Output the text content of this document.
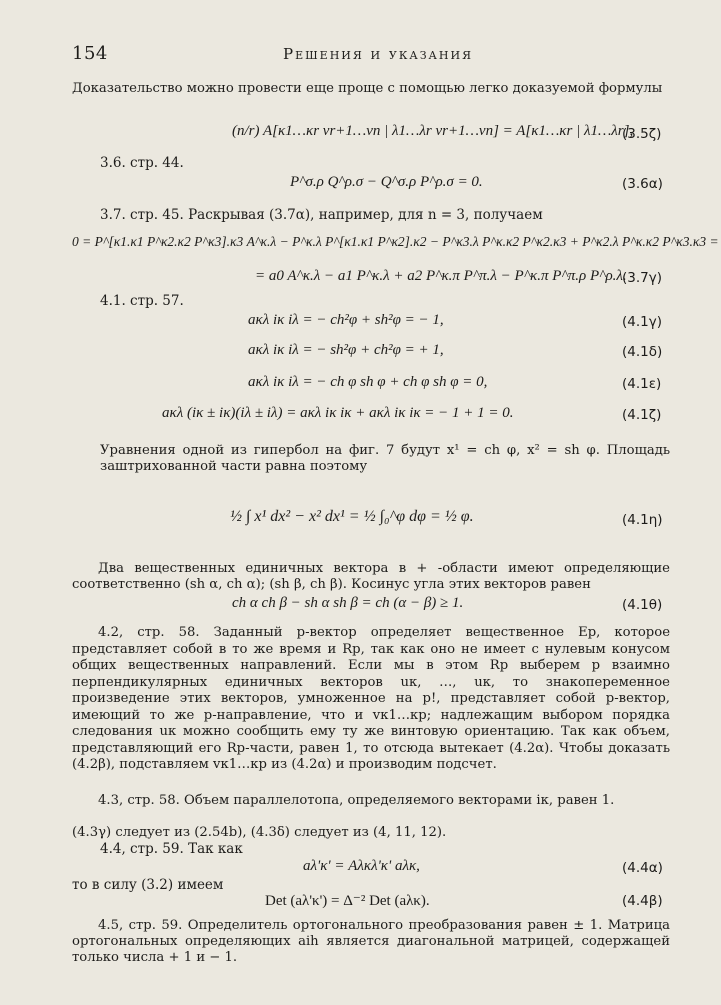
154	Решения и указания
Доказательство можно провести еще проще с помощью легко доказуемой формулы
(n/r) A[κ1…κr νr+1…νn | λ1…λr νr+1…νn] = A[κ1…κr | λ1…λr],
(3.5ζ)
3.6. стр. 44.
P^σ.ρ Q^ρ.σ − Q^σ.ρ P^ρ.σ = 0.	(3.6α)
3.7. стр. 45. Раскрывая (3.7α), например, для n = 3, получаем
0 = P^[κ1.κ1 P^κ2.κ2 P^κ3].κ3 A^κ.λ − P^κ.λ P^[κ1.κ1 P^κ2].κ2 − P^κ3.λ P^κ.κ2 P^κ2.κ3 + P^κ2.λ P^κ.κ2 P^κ3.κ3 =
= a0 A^κ.λ − a1 P^κ.λ + a2 P^κ.π P^π.λ − P^κ.π P^π.ρ P^ρ.λ.
(3.7γ)
4.1. стр. 57.
aκλ iκ iλ = − ch²φ + sh²φ = − 1,	(4.1γ)
aκλ iκ iλ = − sh²φ + ch²φ = + 1,	(4.1δ)
aκλ iκ iλ = − ch φ sh φ + ch φ sh φ = 0,	(4.1ε)
aκλ (iκ ± iκ)(iλ ± iλ) = aκλ iκ iκ + aκλ iκ iκ = − 1 + 1 = 0.	(4.1ζ)
Уравнения одной из гипербол на фиг. 7 будут x¹ = ch φ, x² = sh φ. Площадь заштрихованной части равна поэтому
½ ∫ x¹ dx² − x² dx¹ = ½ ∫₀^φ dφ = ½ φ.	(4.1η)
Два вещественных единичных вектора в + -области имеют определяющие соответственно (sh α, ch α); (sh β, ch β). Косинус угла этих векторов равен
ch α ch β − sh α sh β = ch (α − β) ≥ 1.	(4.1θ)
4.2, стр. 58. Заданный p-вектор определяет вещественное Ep, которое представляет собой в то же время и Rp, так как оно не имеет с нулевым конусом общих вещественных направлений. Если мы в этом Rp выберем p взаимно перпендикулярных единичных векторов uκ, …, uκ, то знакопеременное произведение этих векторов, умноженное на p!, представляет собой p-вектор, имеющий то же p-направление, что и vκ1…κp; надлежащим выбором порядка следования uκ можно сообщить ему ту же винтовую ориентацию. Так как объем, представляющий его Rp-части, равен 1, то отсюда вытекает (4.2α). Чтобы доказать (4.2β), подставляем vκ1…κp из (4.2α) и производим подсчет.
4.3, стр. 58. Объем параллелотопа, определяемого векторами iκ, равен 1.
(4.3γ) следует из (2.54b), (4.3δ) следует из (4, 11, 12).
4.4, стр. 59. Так как
aλ'κ' = Aλκλ'κ' aλκ,	(4.4α)
то в силу (3.2) имеем
Det (aλ'κ') = Δ⁻² Det (aλκ).	(4.4β)
4.5, стр. 59. Определитель ортогонального преобразования равен ± 1. Матрица ортогональных определяющих aih является диагональной матрицей, содержащей только числа + 1 и − 1.
